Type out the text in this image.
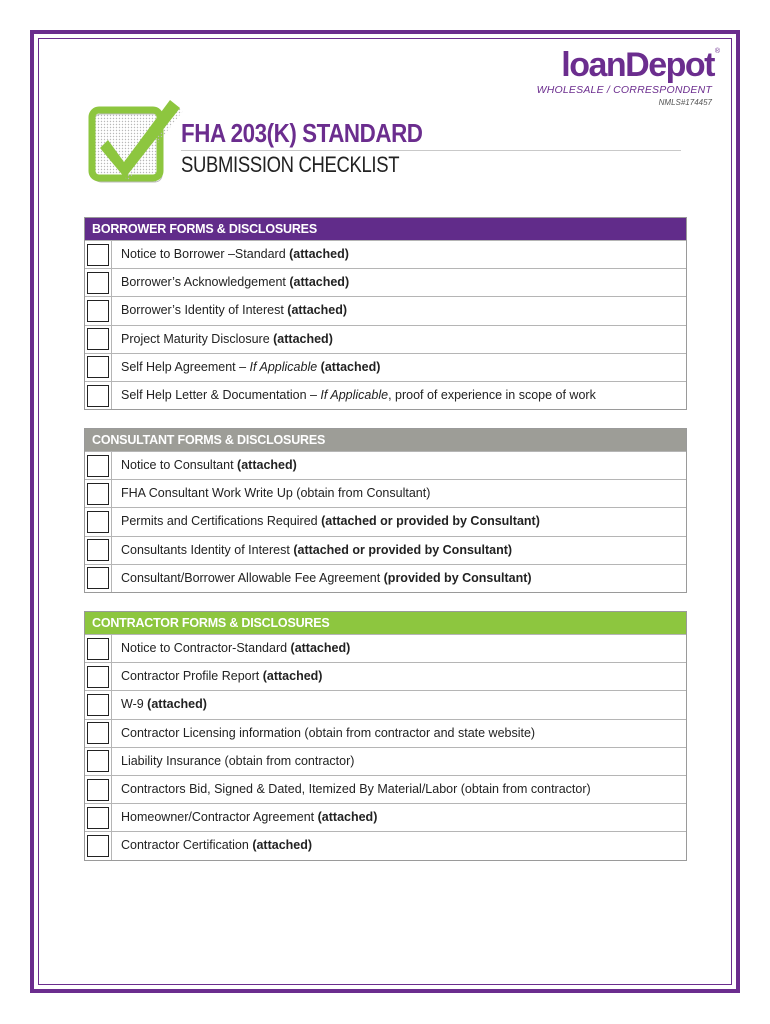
loanDepot ®
WHOLESALE / CORRESPONDENT
NMLS#174457
FHA 203(K) STANDARD
SUBMISSION CHECKLIST
BORROWER FORMS & DISCLOSURES
Notice to Borrower –Standard (attached)
Borrower’s Acknowledgement (attached)
Borrower’s Identity of Interest (attached)
Project Maturity Disclosure (attached)
Self Help Agreement – If Applicable (attached)
Self Help Letter & Documentation – If Applicable, proof of experience in scope of work
CONSULTANT FORMS & DISCLOSURES
Notice to Consultant (attached)
FHA Consultant Work Write Up (obtain from Consultant)
Permits and Certifications Required (attached or provided by Consultant)
Consultants Identity of Interest (attached or provided by Consultant)
Consultant/Borrower Allowable Fee Agreement (provided by Consultant)
CONTRACTOR FORMS & DISCLOSURES
Notice to Contractor-Standard (attached)
Contractor Profile Report (attached)
W-9 (attached)
Contractor Licensing information (obtain from contractor and state website)
Liability Insurance (obtain from contractor)
Contractors Bid, Signed & Dated, Itemized By Material/Labor (obtain from contractor)
Homeowner/Contractor Agreement (attached)
Contractor Certification (attached)
